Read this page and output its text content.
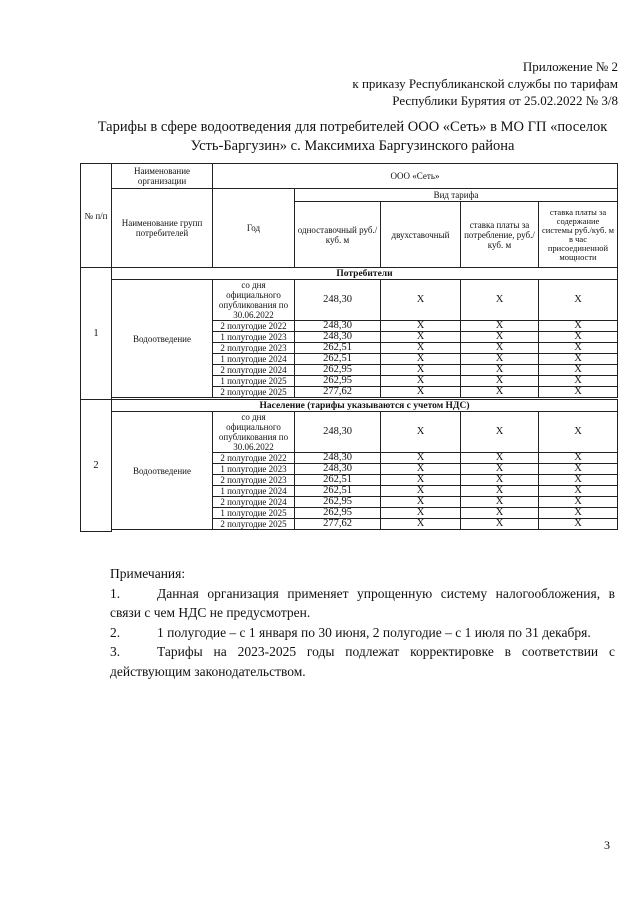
Приложение № 2
к приказу Республиканской службы по тарифам
Республики Бурятия от 25.02.2022 № 3/8
Тарифы в сфере водоотведения для потребителей ООО «Сеть» в МО ГП «поселок Усть-Баргузин» с. Максимиха Баргузинского района
№ п/п	Наименование организации	ООО «Сеть»				
	Наименование групп потребителей	Год	Вид тарифа			
			одноставочный руб./ куб. м	двухставочный	ставка платы за потребление, руб./ куб. м	ставка платы за содержание системы руб./куб. м в час присоединенной мощности
1	Потребители					
	Водоотведение	со дня официального опубликования по 30.06.2022	248,30	Х	Х	Х
		2 полугодие 2022	248,30	Х	Х	Х
		1 полугодие 2023	248,30	Х	Х	Х
		2 полугодие 2023	262,51	Х	Х	Х
		1 полугодие 2024	262,51	Х	Х	Х
		2 полугодие 2024	262,95	Х	Х	Х
		1 полугодие 2025	262,95	Х	Х	Х
		2 полугодие 2025	277,62	Х	Х	Х

2	Население (тарифы указываются с учетом НДС)					
	Водоотведение	со дня официального опубликования по 30.06.2022	248,30	Х	Х	Х
		2 полугодие 2022	248,30	Х	Х	Х
		1 полугодие 2023	248,30	Х	Х	Х
		2 полугодие 2023	262,51	Х	Х	Х
		1 полугодие 2024	262,51	Х	Х	Х
		2 полугодие 2024	262,95	Х	Х	Х
		1 полугодие 2025	262,95	Х	Х	Х
		2 полугодие 2025	277,62	Х	Х	Х

Примечания:
1.	Данная организация применяет упрощенную систему налогообложения, в связи с чем НДС не предусмотрен.
2.	1 полугодие – с 1 января по 30 июня, 2 полугодие – с 1 июля по 31 декабря.
3.	Тарифы на 2023-2025 годы подлежат корректировке в соответствии с действующим законодательством.
3
